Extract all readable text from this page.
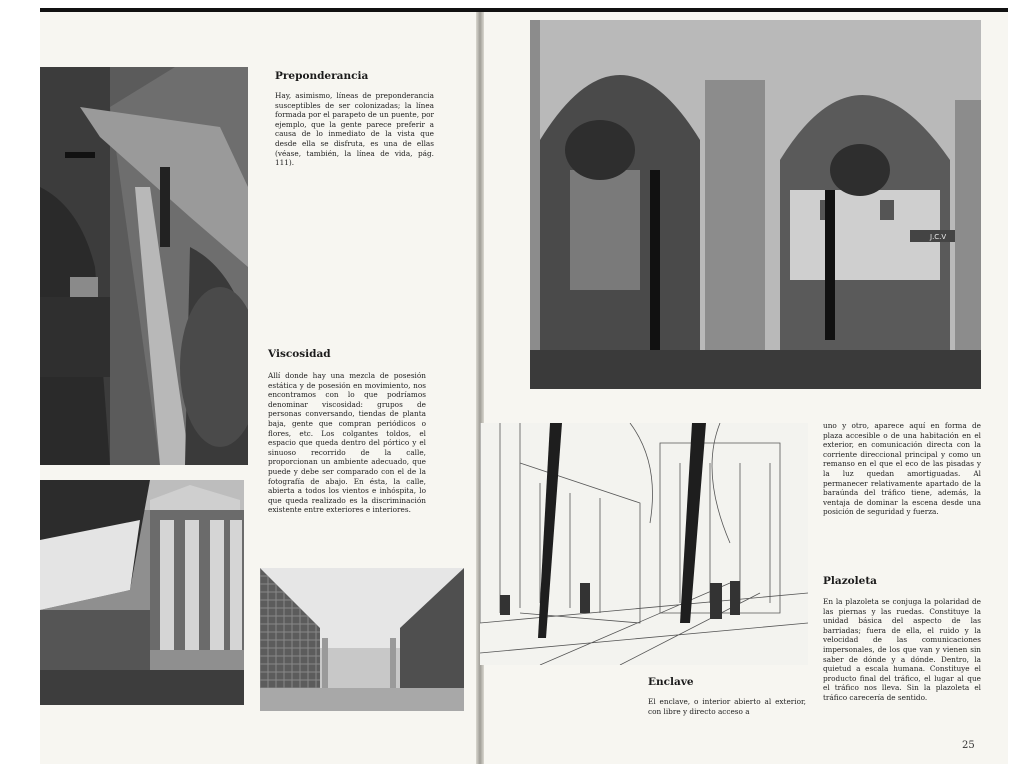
Preponderancia

Hay, asimismo, líneas de preponderancia susceptibles de ser colonizadas; la línea formada por el parapeto de un puente, por ejemplo, que la gente parece preferir a causa de lo inmediato de la vista que desde ella se disfruta, es una de ellas (véase, también, la línea de vida, pág. 111).

Viscosidad

Allí donde hay una mezcla de posesión estática y de posesión en movimiento, nos encontramos con lo que podríamos denominar viscosidad: grupos de personas conversando, tiendas de planta baja, gente que compran periódicos o flores, etc. Los colgantes toldos, el espacio que queda dentro del pórtico y el sinuoso recorrido de la calle, proporcionan un ambiente adecuado, que puede y debe ser comparado con el de la fotografía de abajo. En ésta, la calle, abierta a todos los vientos e inhóspita, lo que queda realizado es la discriminación existente entre exteriores e interiores.

J.C.V

uno y otro, aparece aquí en forma de plaza accesible o de una habitación en el exterior, en comunicación directa con la corriente direccional principal y como un remanso en el que el eco de las pisadas y la luz quedan amortiguadas. Al permanecer relativamente apartado de la baraúnda del tráfico tiene, además, la ventaja de dominar la escena desde una posición de seguridad y fuerza.

Plazoleta

En la plazoleta se conjuga la polaridad de las piernas y las ruedas. Constituye la unidad básica del aspecto de las barriadas; fuera de ella, el ruido y la velocidad de las comunicaciones impersonales, de los que van y vienen sin saber de dónde y a dónde. Dentro, la quietud a escala humana. Constituye el producto final del tráfico, el lugar al que el tráfico nos lleva. Sin la plazoleta el tráfico carecería de sentido.

Enclave

El enclave, o interior abierto al exterior, con libre y directo acceso a

25
